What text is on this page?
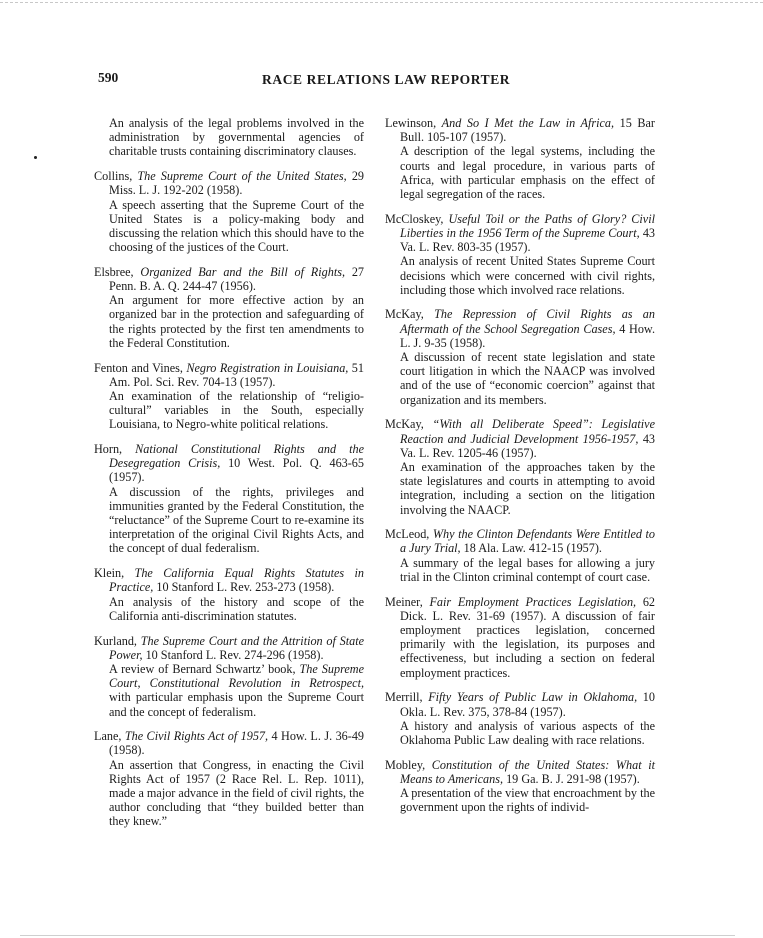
590	RACE RELATIONS LAW REPORTER
An analysis of the legal problems involved in the administration by governmental agencies of charitable trusts containing discriminatory clauses.
Collins, The Supreme Court of the United States, 29 Miss. L. J. 192-202 (1958).
A speech asserting that the Supreme Court of the United States is a policy-making body and discussing the relation which this should have to the choosing of the justices of the Court.
Elsbree, Organized Bar and the Bill of Rights, 27 Penn. B. A. Q. 244-47 (1956).
An argument for more effective action by an organized bar in the protection and safeguarding of the rights protected by the first ten amendments to the Federal Constitution.
Fenton and Vines, Negro Registration in Louisiana, 51 Am. Pol. Sci. Rev. 704-13 (1957).
An examination of the relationship of “religio-cultural” variables in the South, especially Louisiana, to Negro-white political relations.
Horn, National Constitutional Rights and the Desegregation Crisis, 10 West. Pol. Q. 463-65 (1957).
A discussion of the rights, privileges and immunities granted by the Federal Constitution, the “reluctance” of the Supreme Court to re-examine its interpretation of the original Civil Rights Acts, and the concept of dual federalism.
Klein, The California Equal Rights Statutes in Practice, 10 Stanford L. Rev. 253-273 (1958).
An analysis of the history and scope of the California anti-discrimination statutes.
Kurland, The Supreme Court and the Attrition of State Power, 10 Stanford L. Rev. 274-296 (1958).
A review of Bernard Schwartz’ book, The Supreme Court, Constitutional Revolution in Retrospect, with particular emphasis upon the Supreme Court and the concept of federalism.
Lane, The Civil Rights Act of 1957, 4 How. L. J. 36-49 (1958).
An assertion that Congress, in enacting the Civil Rights Act of 1957 (2 Race Rel. L. Rep. 1011), made a major advance in the field of civil rights, the author concluding that “they builded better than they knew.”
Lewinson, And So I Met the Law in Africa, 15 Bar Bull. 105-107 (1957).
A description of the legal systems, including the courts and legal procedure, in various parts of Africa, with particular emphasis on the effect of legal segregation of the races.
McCloskey, Useful Toil or the Paths of Glory? Civil Liberties in the 1956 Term of the Supreme Court, 43 Va. L. Rev. 803-35 (1957).
An analysis of recent United States Supreme Court decisions which were concerned with civil rights, including those which involved race relations.
McKay, The Repression of Civil Rights as an Aftermath of the School Segregation Cases, 4 How. L. J. 9-35 (1958).
A discussion of recent state legislation and state court litigation in which the NAACP was involved and of the use of “economic coercion” against that organization and its members.
McKay, “With all Deliberate Speed”: Legislative Reaction and Judicial Development 1956-1957, 43 Va. L. Rev. 1205-46 (1957).
An examination of the approaches taken by the state legislatures and courts in attempting to avoid integration, including a section on the litigation involving the NAACP.
McLeod, Why the Clinton Defendants Were Entitled to a Jury Trial, 18 Ala. Law. 412-15 (1957).
A summary of the legal bases for allowing a jury trial in the Clinton criminal contempt of court case.
Meiner, Fair Employment Practices Legislation, 62 Dick. L. Rev. 31-69 (1957). A discussion of fair employment practices legislation, concerned primarily with the legislation, its purposes and effectiveness, but including a section on federal employment practices.
Merrill, Fifty Years of Public Law in Oklahoma, 10 Okla. L. Rev. 375, 378-84 (1957).
A history and analysis of various aspects of the Oklahoma Public Law dealing with race relations.
Mobley, Constitution of the United States: What it Means to Americans, 19 Ga. B. J. 291-98 (1957).
A presentation of the view that encroachment by the government upon the rights of individ-
